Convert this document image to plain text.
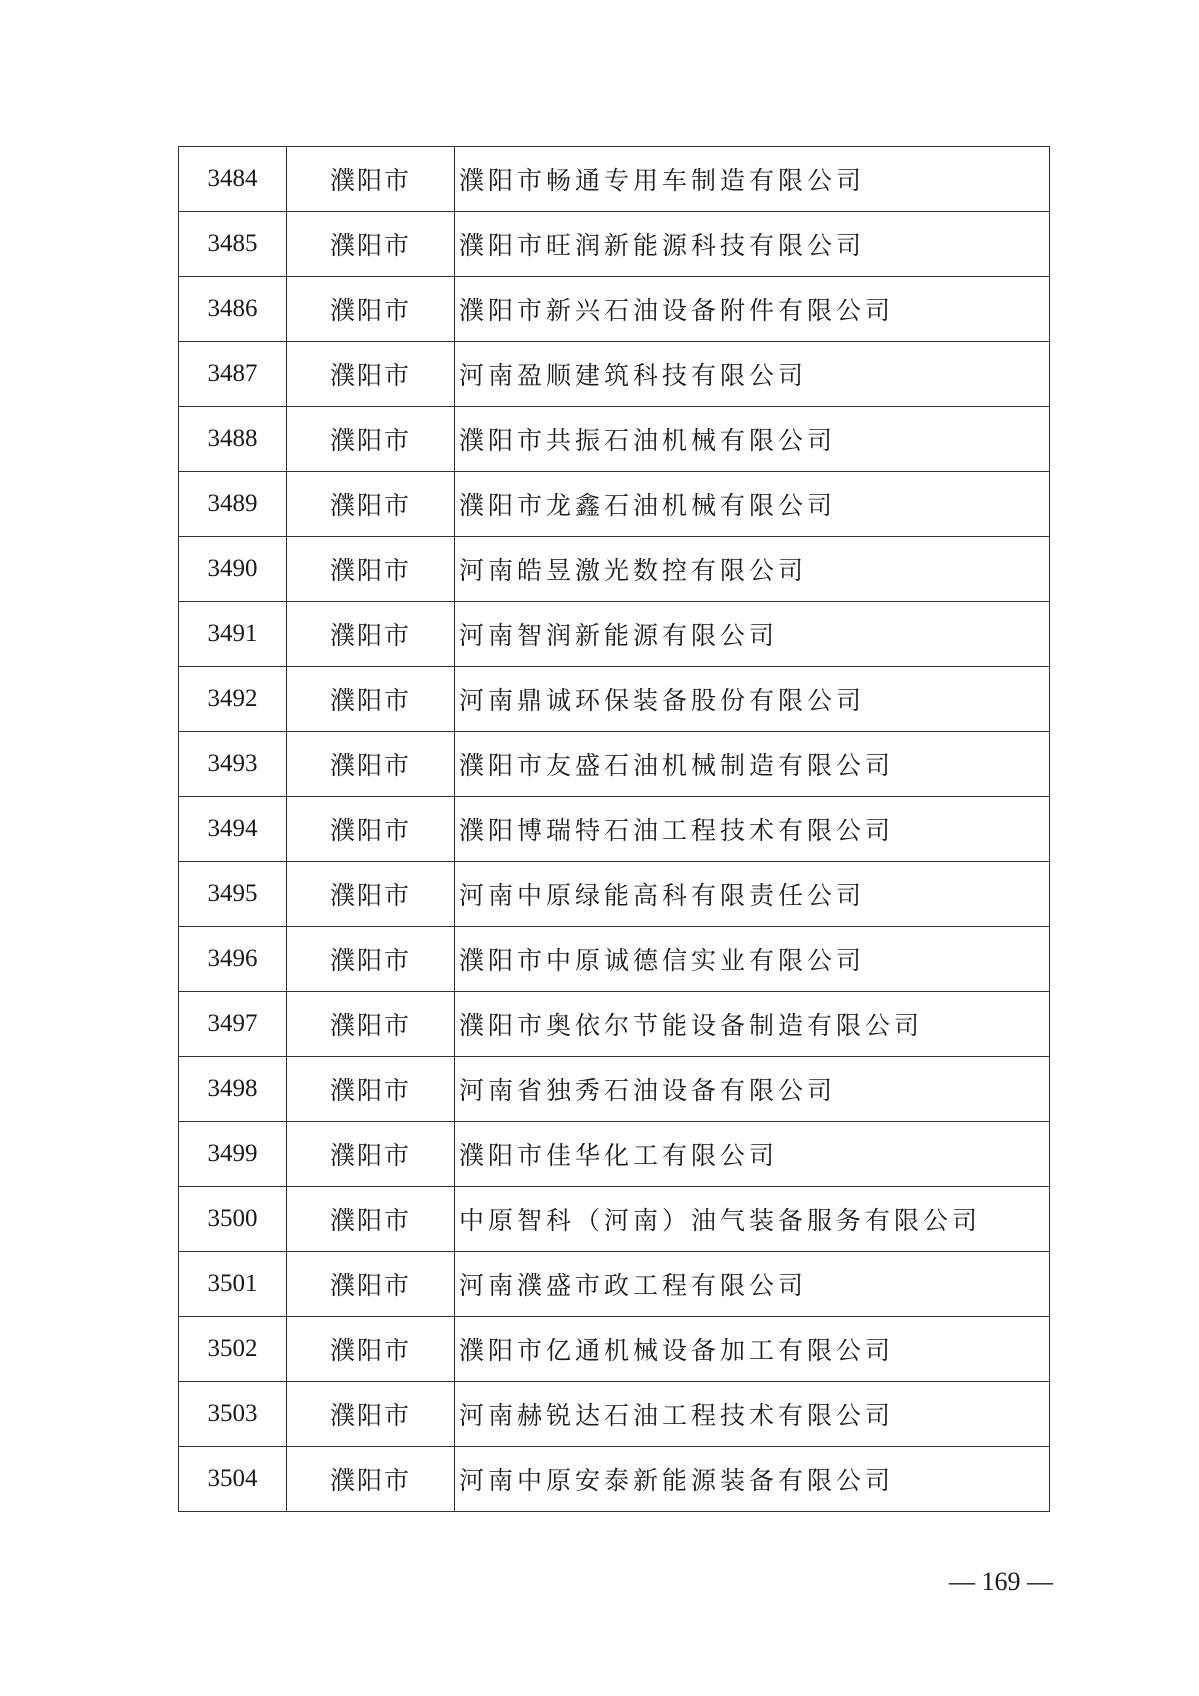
3484	濮阳市	濮阳市畅通专用车制造有限公司
3485	濮阳市	濮阳市旺润新能源科技有限公司
3486	濮阳市	濮阳市新兴石油设备附件有限公司
3487	濮阳市	河南盈顺建筑科技有限公司
3488	濮阳市	濮阳市共振石油机械有限公司
3489	濮阳市	濮阳市龙鑫石油机械有限公司
3490	濮阳市	河南皓昱激光数控有限公司
3491	濮阳市	河南智润新能源有限公司
3492	濮阳市	河南鼎诚环保装备股份有限公司
3493	濮阳市	濮阳市友盛石油机械制造有限公司
3494	濮阳市	濮阳博瑞特石油工程技术有限公司
3495	濮阳市	河南中原绿能高科有限责任公司
3496	濮阳市	濮阳市中原诚德信实业有限公司
3497	濮阳市	濮阳市奥依尔节能设备制造有限公司
3498	濮阳市	河南省独秀石油设备有限公司
3499	濮阳市	濮阳市佳华化工有限公司
3500	濮阳市	中原智科（河南）油气装备服务有限公司
3501	濮阳市	河南濮盛市政工程有限公司
3502	濮阳市	濮阳市亿通机械设备加工有限公司
3503	濮阳市	河南赫锐达石油工程技术有限公司
3504	濮阳市	河南中原安泰新能源装备有限公司
— 169 —
